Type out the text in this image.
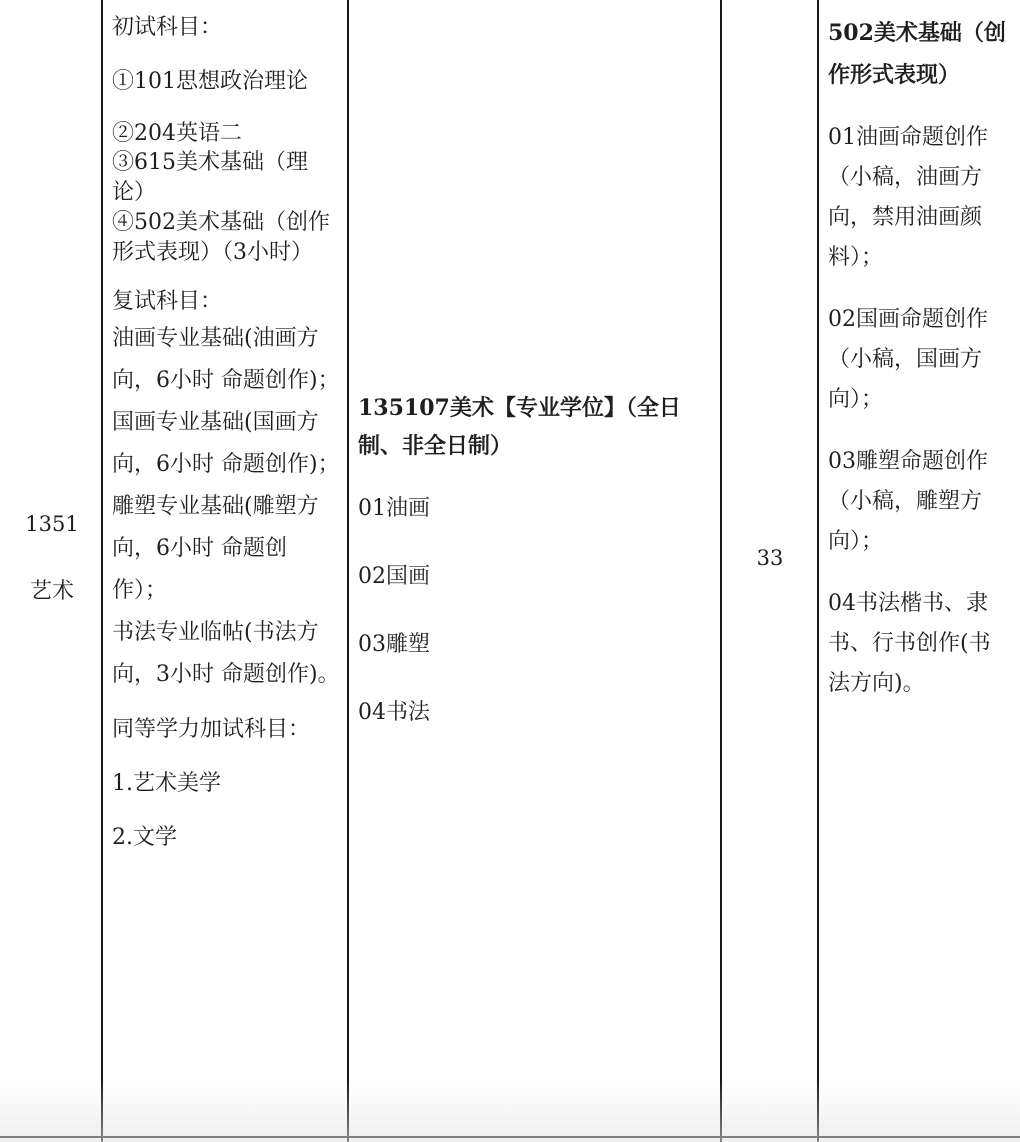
1351
艺术

初试科目：

①101思想政治理论

②204英语二

③615美术基础（理论）

④502美术基础（创作形式表现）（3小时）

复试科目：

油画专业基础(油画方向，6小时 命题创作)；

国画专业基础(国画方向，6小时 命题创作)；

雕塑专业基础(雕塑方向，6小时 命题创作）；

书法专业临帖(书法方向，3小时 命题创作)。

同等学力加试科目：

1.艺术美学

2.文学

135107美术【专业学位】（全日制、非全日制）

01油画

02国画

03雕塑

04书法

33

502美术基础（创作形式表现）

01油画命题创作（小稿，油画方向，禁用油画颜料）；

02国画命题创作（小稿，国画方向）；

03雕塑命题创作（小稿，雕塑方向）；

04书法楷书、隶书、行书创作(书法方向)。
